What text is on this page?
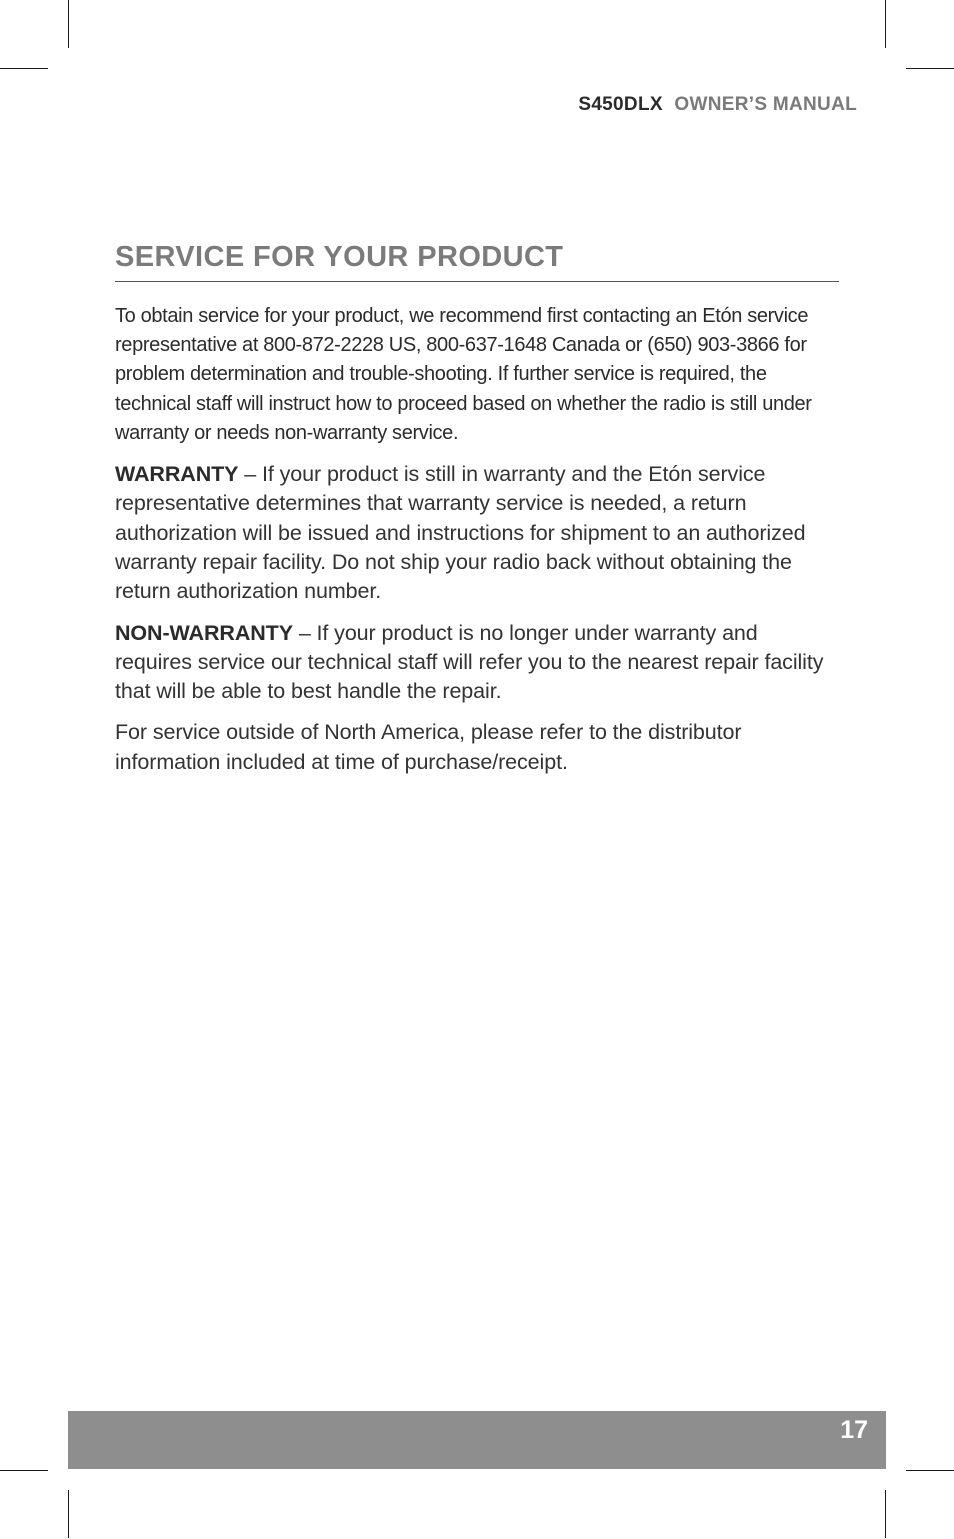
S450DLX OWNER’S MANUAL
SERVICE FOR YOUR PRODUCT

To obtain service for your product, we recommend first contacting an Etón service representative at 800-872-2228 US, 800-637-1648 Canada or (650) 903-3866 for problem determination and trouble-shooting. If further service is required, the technical staff will instruct how to proceed based on whether the radio is still under warranty or needs non-warranty service.

WARRANTY – If your product is still in warranty and the Etón service representative determines that warranty service is needed, a return authorization will be issued and instructions for shipment to an authorized warranty repair facility. Do not ship your radio back without obtaining the return authorization number.

NON-WARRANTY – If your product is no longer under warranty and requires service our technical staff will refer you to the nearest repair facility that will be able to best handle the repair.

For service outside of North America, please refer to the distributor information included at time of purchase/receipt.

17
